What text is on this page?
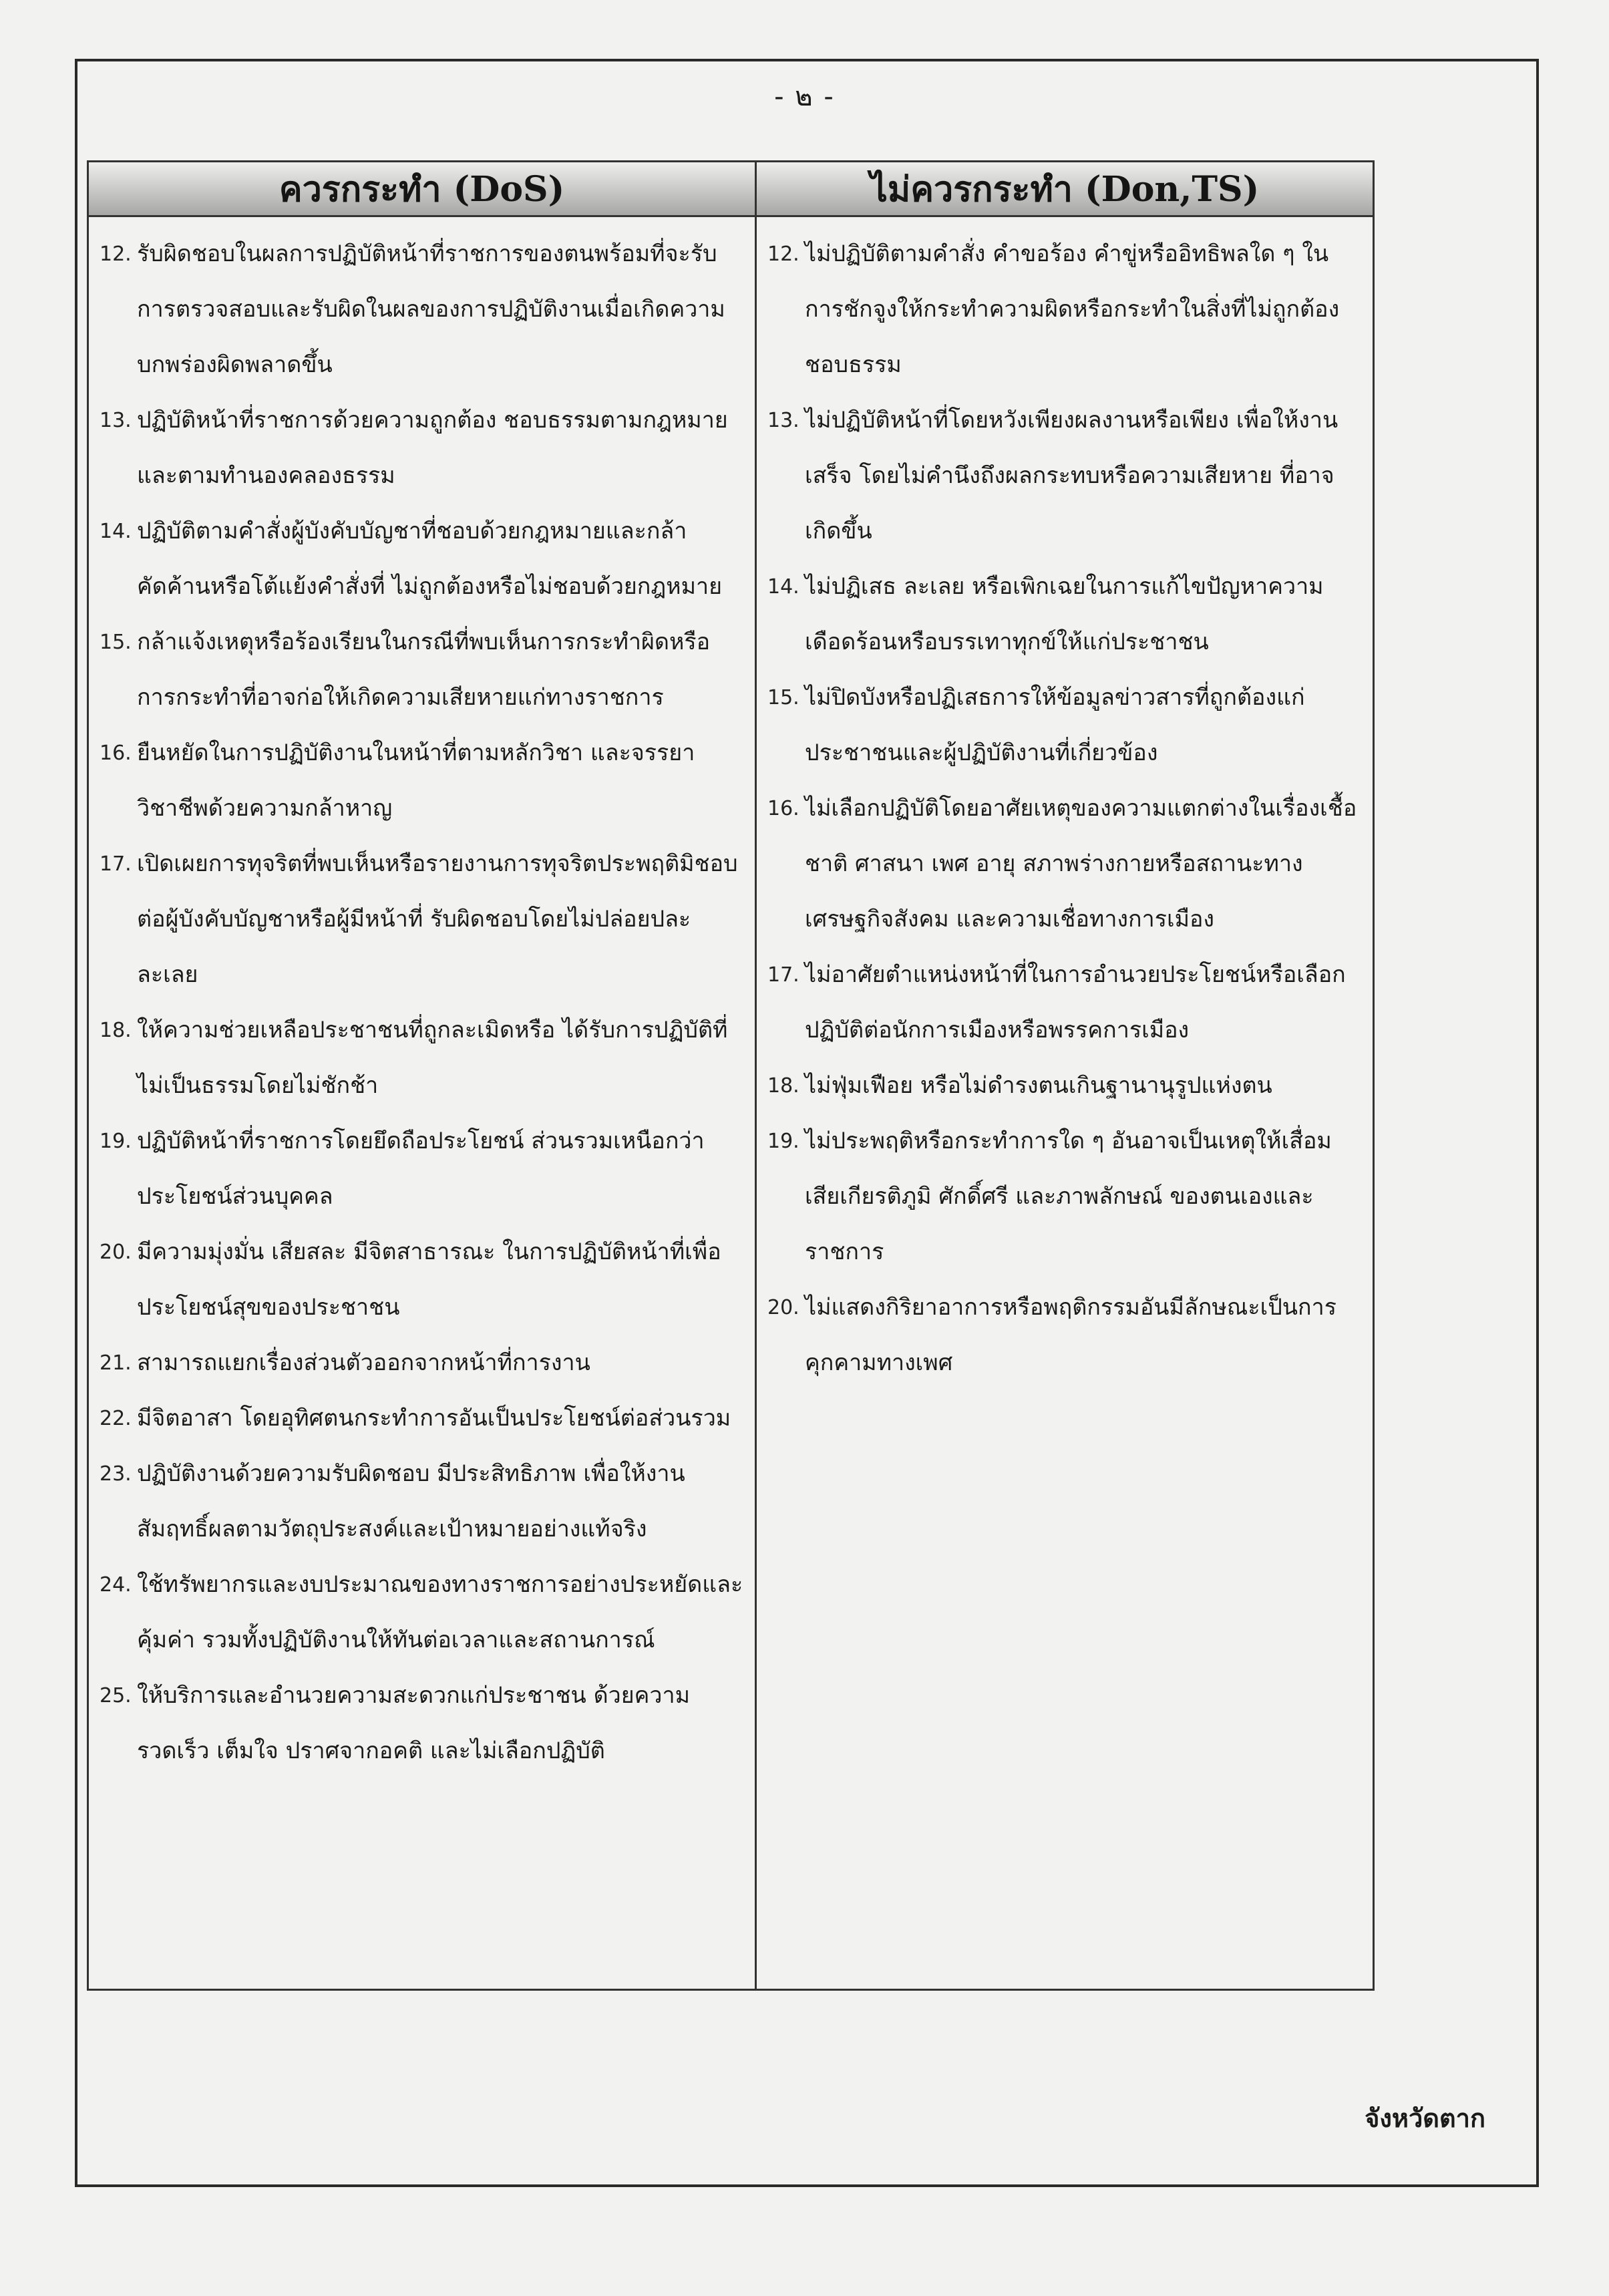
- ๒ -
ควรกระทำ (DoS)
12. รับผิดชอบในผลการปฏิบัติหน้าที่ราชการของตนพร้อมที่จะรับการตรวจสอบและรับผิดในผลของการปฏิบัติงานเมื่อเกิดความบกพร่องผิดพลาดขึ้น
13. ปฏิบัติหน้าที่ราชการด้วยความถูกต้อง ชอบธรรมตามกฎหมายและตามทำนองคลองธรรม
14. ปฏิบัติตามคำสั่งผู้บังคับบัญชาที่ชอบด้วยกฎหมายและกล้าคัดค้านหรือโต้แย้งคำสั่งที่ ไม่ถูกต้องหรือไม่ชอบด้วยกฎหมาย
15. กล้าแจ้งเหตุหรือร้องเรียนในกรณีที่พบเห็นการกระทำผิดหรือการกระทำที่อาจก่อให้เกิดความเสียหายแก่ทางราชการ
16. ยืนหยัดในการปฏิบัติงานในหน้าที่ตามหลักวิชา และจรรยาวิชาชีพด้วยความกล้าหาญ
17. เปิดเผยการทุจริตที่พบเห็นหรือรายงานการทุจริตประพฤติมิชอบต่อผู้บังคับบัญชาหรือผู้มีหน้าที่ รับผิดชอบโดยไม่ปล่อยปละละเลย
18. ให้ความช่วยเหลือประชาชนที่ถูกละเมิดหรือ ได้รับการปฏิบัติที่ไม่เป็นธรรมโดยไม่ชักช้า
19. ปฏิบัติหน้าที่ราชการโดยยึดถือประโยชน์ ส่วนรวมเหนือกว่าประโยชน์ส่วนบุคคล
20. มีความมุ่งมั่น เสียสละ มีจิตสาธารณะ ในการปฏิบัติหน้าที่เพื่อประโยชน์สุขของประชาชน
21. สามารถแยกเรื่องส่วนตัวออกจากหน้าที่การงาน
22. มีจิตอาสา โดยอุทิศตนกระทำการอันเป็นประโยชน์ต่อส่วนรวม
23. ปฏิบัติงานด้วยความรับผิดชอบ มีประสิทธิภาพ เพื่อให้งานสัมฤทธิ์ผลตามวัตถุประสงค์และเป้าหมายอย่างแท้จริง
24. ใช้ทรัพยากรและงบประมาณของทางราชการอย่างประหยัดและคุ้มค่า รวมทั้งปฏิบัติงานให้ทันต่อเวลาและสถานการณ์
25. ให้บริการและอำนวยความสะดวกแก่ประชาชน ด้วยความรวดเร็ว เต็มใจ ปราศจากอคติ และไม่เลือกปฏิบัติ
ไม่ควรกระทำ (Don,TS)
12. ไม่ปฏิบัติตามคำสั่ง คำขอร้อง คำขู่หรืออิทธิพลใด ๆ ในการชักจูงให้กระทำความผิดหรือกระทำในสิ่งที่ไม่ถูกต้องชอบธรรม
13. ไม่ปฏิบัติหน้าที่โดยหวังเพียงผลงานหรือเพียง เพื่อให้งานเสร็จ โดยไม่คำนึงถึงผลกระทบหรือความเสียหาย ที่อาจเกิดขึ้น
14. ไม่ปฏิเสธ ละเลย หรือเพิกเฉยในการแก้ไขปัญหาความเดือดร้อนหรือบรรเทาทุกข์ให้แก่ประชาชน
15. ไม่ปิดบังหรือปฏิเสธการให้ข้อมูลข่าวสารที่ถูกต้องแก่ประชาชนและผู้ปฏิบัติงานที่เกี่ยวข้อง
16. ไม่เลือกปฏิบัติโดยอาศัยเหตุของความแตกต่างในเรื่องเชื้อชาติ ศาสนา เพศ อายุ สภาพร่างกายหรือสถานะทางเศรษฐกิจสังคม และความเชื่อทางการเมือง
17. ไม่อาศัยตำแหน่งหน้าที่ในการอำนวยประโยชน์หรือเลือกปฏิบัติต่อนักการเมืองหรือพรรคการเมือง
18. ไม่ฟุ่มเฟือย หรือไม่ดำรงตนเกินฐานานุรูปแห่งตน
19. ไม่ประพฤติหรือกระทำการใด ๆ อันอาจเป็นเหตุให้เสื่อมเสียเกียรติภูมิ ศักดิ์ศรี และภาพลักษณ์ ของตนเองและราชการ
20. ไม่แสดงกิริยาอาการหรือพฤติกรรมอันมีลักษณะเป็นการคุกคามทางเพศ
จังหวัดตาก
